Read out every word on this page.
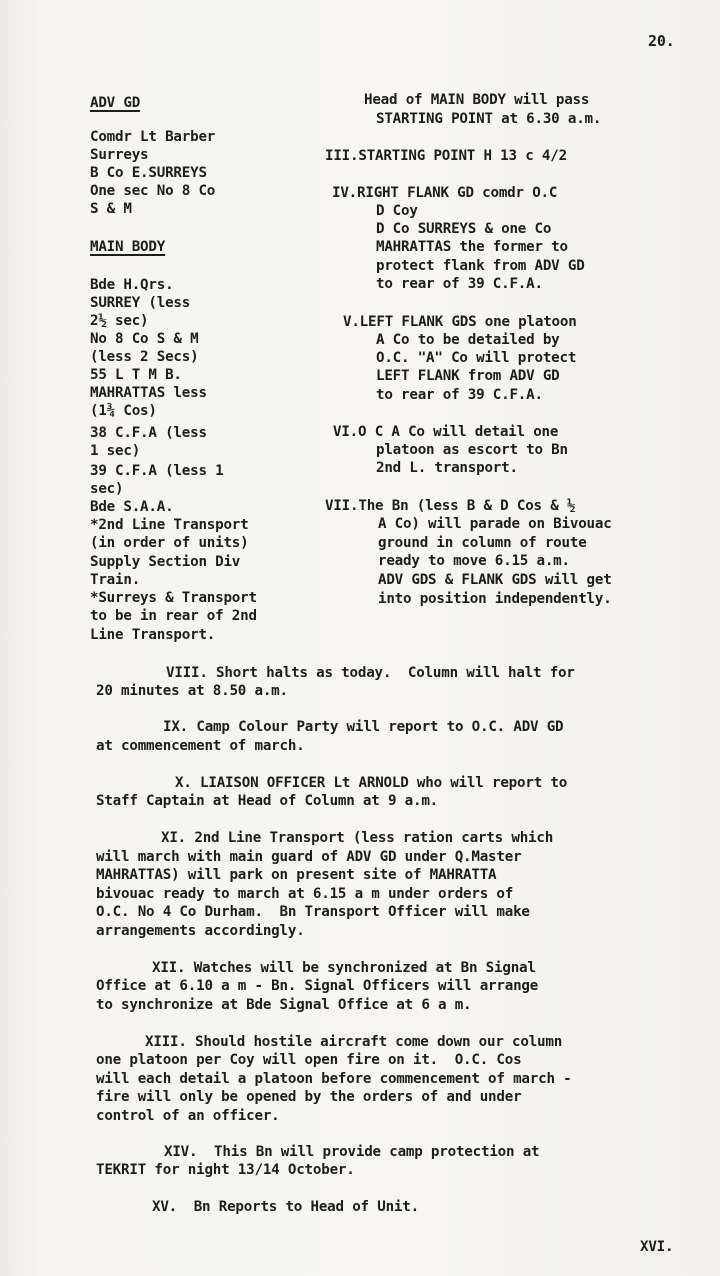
20.

ADV GD

Comdr Lt Barber

Surreys

B Co E.SURREYS

One sec No 8 Co

S & M

MAIN BODY

Bde H.Qrs.

SURREY (less

2½ sec)

No 8 Co S & M

(less 2 Secs)

55 L T M B.

MAHRATTAS less

(1¾ Cos)

38 C.F.A (less

1 sec)

39 C.F.A (less 1

sec)

Bde S.A.A.

*2nd Line Transport

(in order of units)

Supply Section Div

Train.

*Surreys & Transport

to be in rear of 2nd

Line Transport.

Head of MAIN BODY will pass

STARTING POINT at 6.30 a.m.

III.STARTING POINT H 13 c 4/2

IV.RIGHT FLANK GD comdr O.C

D Coy

D Co SURREYS & one Co

MAHRATTAS the former to

protect flank from ADV GD

to rear of 39 C.F.A.

V.LEFT FLANK GDS one platoon

A Co to be detailed by

O.C. "A" Co will protect

LEFT FLANK from ADV GD

to rear of 39 C.F.A.

VI.O C A Co will detail one

platoon as escort to Bn

2nd L. transport.

VII.The Bn (less B & D Cos & ½

A Co) will parade on Bivouac

ground in column of route

ready to move 6.15 a.m.

ADV GDS & FLANK GDS will get

into position independently.

VIII. Short halts as today.  Column will halt for

20 minutes at 8.50 a.m.

IX. Camp Colour Party will report to O.C. ADV GD

at commencement of march.

X. LIAISON OFFICER Lt ARNOLD who will report to

Staff Captain at Head of Column at 9 a.m.

XI. 2nd Line Transport (less ration carts which

will march with main guard of ADV GD under Q.Master

MAHRATTAS) will park on present site of MAHRATTA

bivouac ready to march at 6.15 a m under orders of

O.C. No 4 Co Durham.  Bn Transport Officer will make

arrangements accordingly.

XII. Watches will be synchronized at Bn Signal

Office at 6.10 a m - Bn. Signal Officers will arrange

to synchronize at Bde Signal Office at 6 a m.

XIII. Should hostile aircraft come down our column

one platoon per Coy will open fire on it.  O.C. Cos

will each detail a platoon before commencement of march -

fire will only be opened by the orders of and under

control of an officer.

XIV.  This Bn will provide camp protection at

TEKRIT for night 13/14 October.

XV.  Bn Reports to Head of Unit.

XVI.
